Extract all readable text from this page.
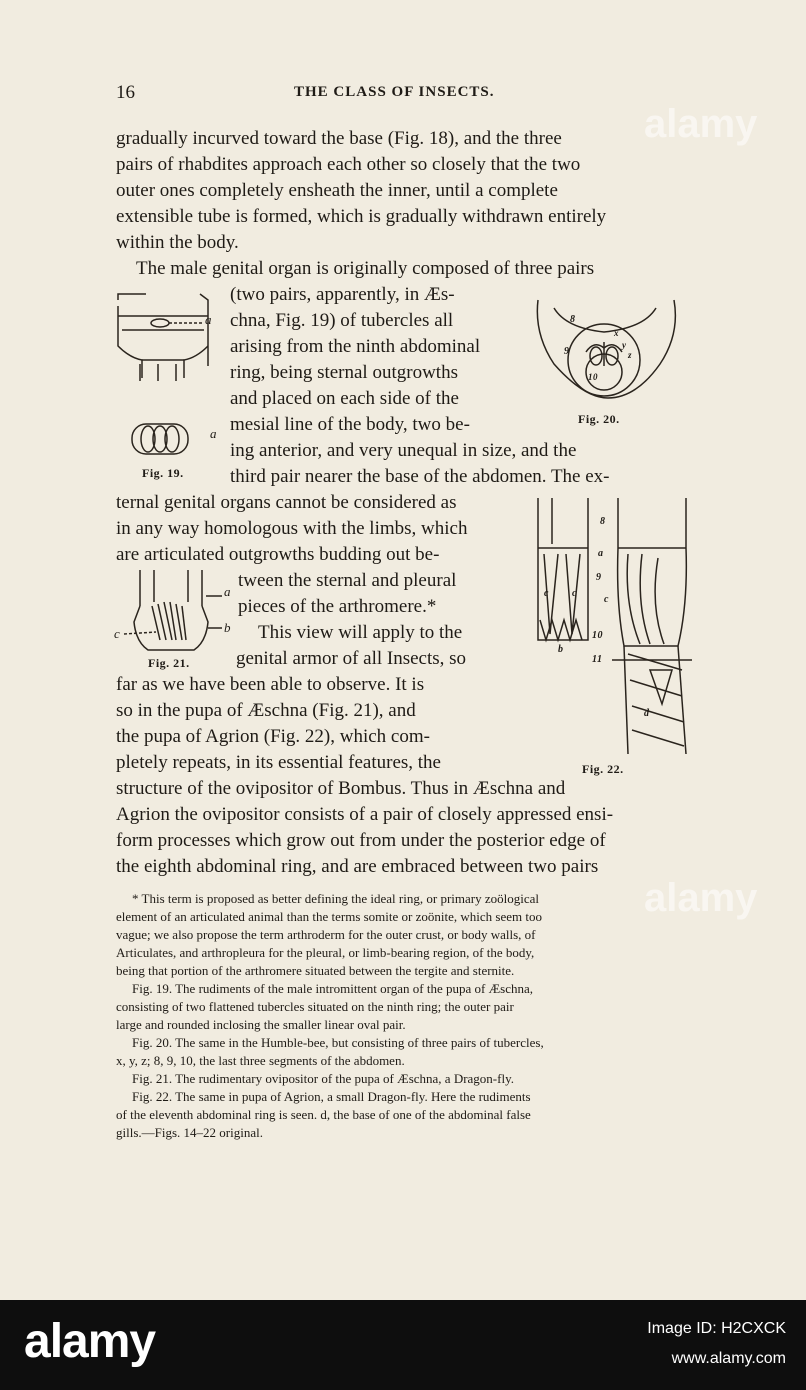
16	THE CLASS OF INSECTS.
gradually incurved toward the base (Fig. 18), and the three
pairs of rhabdites approach each other so closely that the two
outer ones completely ensheath the inner, until a complete
extensible tube is formed, which is gradually withdrawn entirely
within the body.
The male genital organ is originally composed of three pairs
(two pairs, apparently, in Æs-
chna, Fig. 19) of tubercles all
arising from the ninth abdominal
ring, being sternal outgrowths
and placed on each side of the
mesial line of the body, two be-
ing anterior, and very unequal in size, and the
third pair nearer the base of the abdomen. The ex-
ternal genital organs cannot be considered as
in any way homologous with the limbs, which
are articulated outgrowths budding out be-
tween the sternal and pleural
pieces of the arthromere.*
This view will apply to the
genital armor of all Insects, so
far as we have been able to observe. It is
so in the pupa of Æschna (Fig. 21), and
the pupa of Agrion (Fig. 22), which com-
pletely repeats, in its essential features, the
structure of the ovipositor of Bombus. Thus in Æschna and
Agrion the ovipositor consists of a pair of closely appressed ensi-
form processes which grow out from under the posterior edge of
the eighth abdominal ring, and are embraced between two pairs
* This term is proposed as better defining the ideal ring, or primary zoölogical
element of an articulated animal than the terms somite or zoönite, which seem too
vague; we also propose the term arthroderm for the outer crust, or body walls, of
Articulates, and arthropleura for the pleural, or limb-bearing region, of the body,
being that portion of the arthromere situated between the tergite and sternite.
Fig. 19. The rudiments of the male intromittent organ of the pupa of Æschna,
consisting of two flattened tubercles situated on the ninth ring; the outer pair
large and rounded inclosing the smaller linear oval pair.
Fig. 20. The same in the Humble-bee, but consisting of three pairs of tubercles,
x, y, z; 8, 9, 10, the last three segments of the abdomen.
Fig. 21. The rudimentary ovipositor of the pupa of Æschna, a Dragon-fly.
Fig. 22. The same in pupa of Agrion, a small Dragon-fly. Here the rudiments
of the eleventh abdominal ring is seen. d, the base of one of the abdominal false
gills.—Figs. 14–22 original.
a
a
Fig. 19.
8
9
10
x
y
z
Fig. 20.
a
b
c
Fig. 21.
8
a
9
c c
c
b
10
11
d
Fig. 22.
alamy
alamy
alamy	Image ID: H2CXCK
www.alamy.com
